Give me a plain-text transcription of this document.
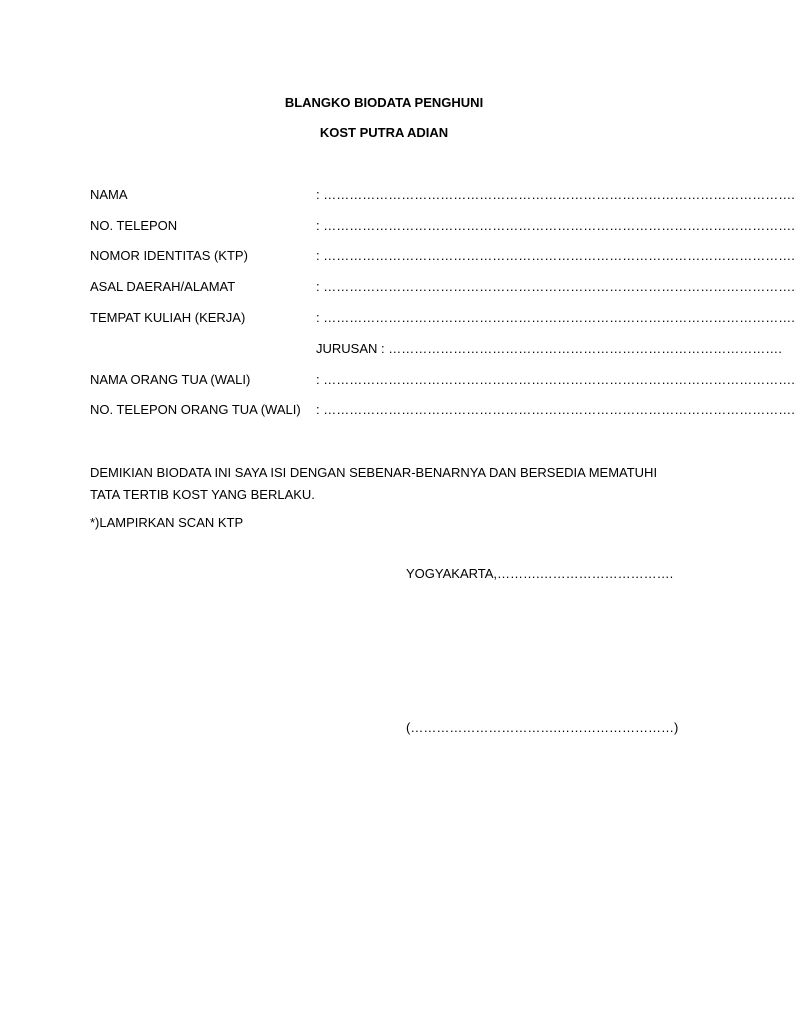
BLANGKO BIODATA PENGHUNI
KOST PUTRA ADIAN
NAMA	: ……………………………………………………………………………………………….
NO. TELEPON	: ……………………………………………………………………………………………….
NOMOR IDENTITAS (KTP)	: ……………………………………………………………………………………………….
ASAL DAERAH/ALAMAT	: ……………………………………………………………………………………………….
TEMPAT KULIAH (KERJA)	: ……………………………………………………………………………………………….
JURUSAN : ……………………………………………………………………………….
NAMA ORANG TUA (WALI)	: ……………………………………………………………………………………………….
NO. TELEPON ORANG TUA (WALI) : ……………………………………………………………………………………………….
DEMIKIAN BIODATA INI SAYA ISI DENGAN SEBENAR-BENARNYA DAN BERSEDIA MEMATUHI TATA TERTIB KOST YANG BERLAKU.
*)LAMPIRKAN SCAN KTP
YOGYAKARTA,……….………………………….
(…………………………….………………………)
